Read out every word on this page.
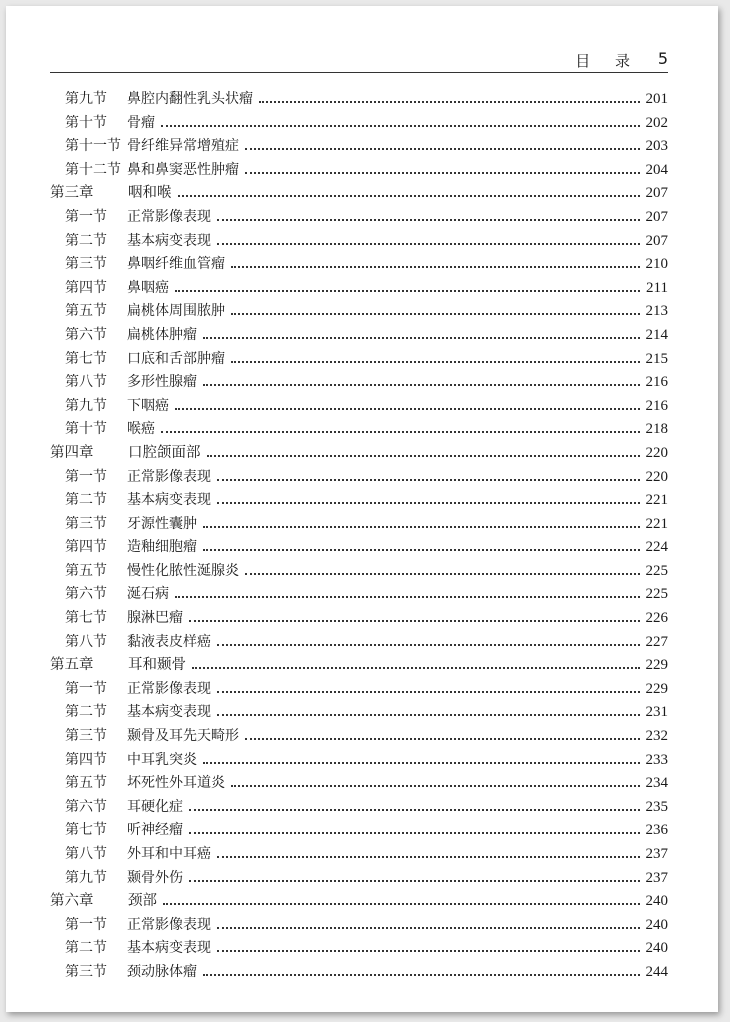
目 录 5
第九节	鼻腔内翻性乳头状瘤	201
第十节	骨瘤	202
第十一节 骨纤维异常增殖症	203
第十二节 鼻和鼻窦恶性肿瘤	204
第三章	咽和喉	207
第一节	正常影像表现	207
第二节	基本病变表现	207
第三节	鼻咽纤维血管瘤	210
第四节	鼻咽癌	211
第五节	扁桃体周围脓肿	213
第六节	扁桃体肿瘤	214
第七节	口底和舌部肿瘤	215
第八节	多形性腺瘤	216
第九节	下咽癌	216
第十节	喉癌	218
第四章	口腔颌面部	220
第一节	正常影像表现	220
第二节	基本病变表现	221
第三节	牙源性囊肿	221
第四节	造釉细胞瘤	224
第五节	慢性化脓性涎腺炎	225
第六节	涎石病	225
第七节	腺淋巴瘤	226
第八节	黏液表皮样癌	227
第五章	耳和颞骨	229
第一节	正常影像表现	229
第二节	基本病变表现	231
第三节	颞骨及耳先天畸形	232
第四节	中耳乳突炎	233
第五节	坏死性外耳道炎	234
第六节	耳硬化症	235
第七节	听神经瘤	236
第八节	外耳和中耳癌	237
第九节	颞骨外伤	237
第六章	颈部	240
第一节	正常影像表现	240
第二节	基本病变表现	240
第三节	颈动脉体瘤	244
